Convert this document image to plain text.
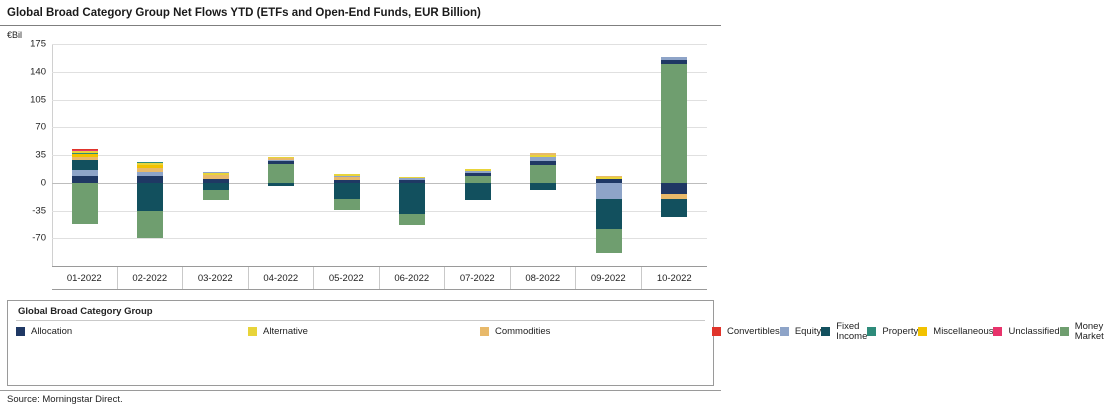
Global Broad Category Group Net Flows YTD (ETFs and Open-End Funds, EUR Billion)
€Bil
175
140
105
70
35
0
-35
-70
01-2022	02-2022	03-2022	04-2022	05-2022	06-2022	07-2022	08-2022	09-2022	10-2022
Global Broad Category Group
Allocation	Alternative	Commodities	Convertibles Equity Fixed Income Property Miscellaneous Unclassified Money Market
Source: Morningstar Direct.
